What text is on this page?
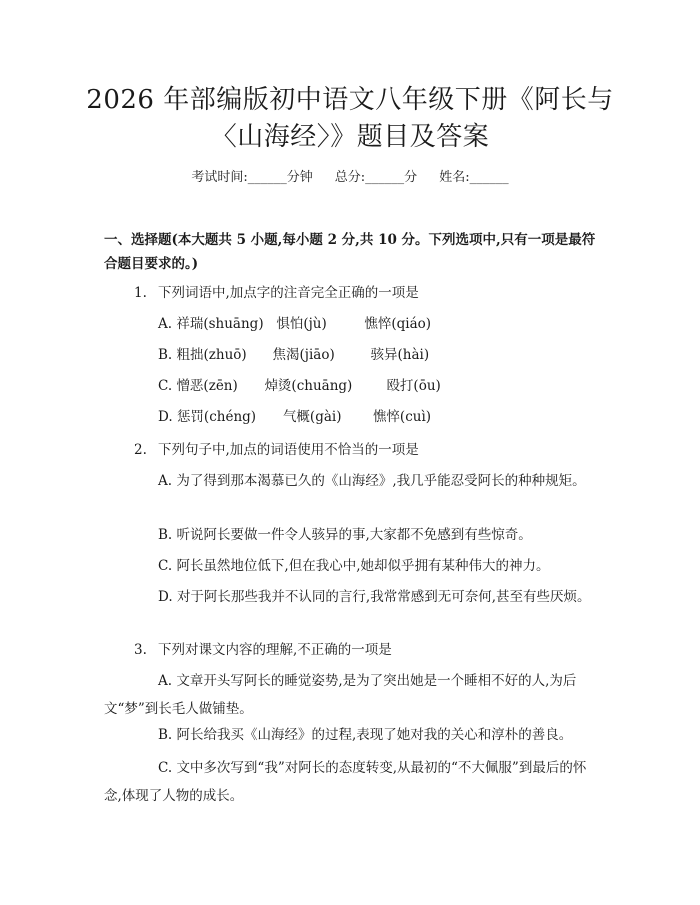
2026 年部编版初中语文八年级下册《阿长与
〈山海经〉》题目及答案
考试时间:______分钟 总分:______分 姓名:______
一、选择题(本大题共 5 小题,每小题 2 分,共 10 分。下列选项中,只有一项是最符合题目要求的。)
1. 下列词语中,加点字的注音完全正确的一项是
A. 祥瑞(shuāng) 惧怕(jù)	憔悴(qiáo)
B. 粗拙(zhuō) 焦渴(jiāo)	骇异(hài)
C. 憎恶(zēn) 焯烫(chuāng)	殴打(ōu)
D. 惩罚(chéng) 气概(gài) 憔悴(cuì)
2. 下列句子中,加点的词语使用不恰当的一项是
A. 为了得到那本渴慕已久的《山海经》,我几乎能忍受阿长的种种规矩。
B. 听说阿长要做一件令人骇异的事,大家都不免感到有些惊奇。
C. 阿长虽然地位低下,但在我心中,她却似乎拥有某种伟大的神力。
D. 对于阿长那些我并不认同的言行,我常常感到无可奈何,甚至有些厌烦。
3. 下列对课文内容的理解,不正确的一项是
A. 文章开头写阿长的睡觉姿势,是为了突出她是一个睡相不好的人,为后文“梦”到长毛人做铺垫。
B. 阿长给我买《山海经》的过程,表现了她对我的关心和淳朴的善良。
C. 文中多次写到“我”对阿长的态度转变,从最初的“不大佩服”到最后的怀念,体现了人物的成长。
